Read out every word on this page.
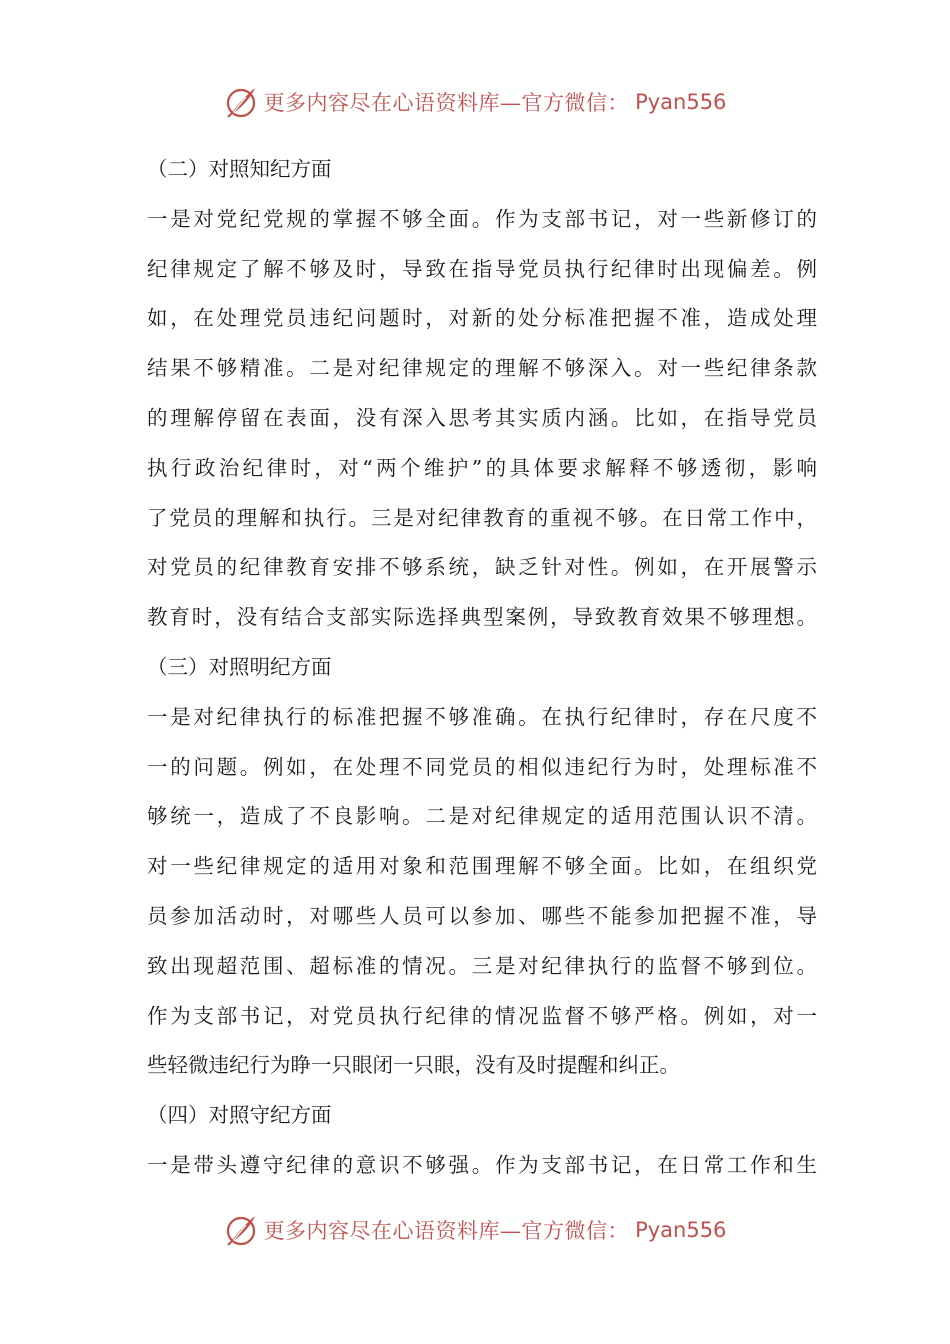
更多内容尽在心语资料库—官方微信： Pyan556
（二）对照知纪方面
一是对党纪党规的掌握不够全面。作为支部书记，对一些新修订的
纪律规定了解不够及时，导致在指导党员执行纪律时出现偏差。例
如，在处理党员违纪问题时，对新的处分标准把握不准，造成处理
结果不够精准。二是对纪律规定的理解不够深入。对一些纪律条款
的理解停留在表面，没有深入思考其实质内涵。比如，在指导党员
执行政治纪律时，对“两个维护”的具体要求解释不够透彻，影响
了党员的理解和执行。三是对纪律教育的重视不够。在日常工作中，
对党员的纪律教育安排不够系统，缺乏针对性。例如，在开展警示
教育时，没有结合支部实际选择典型案例，导致教育效果不够理想。
（三）对照明纪方面
一是对纪律执行的标准把握不够准确。在执行纪律时，存在尺度不
一的问题。例如，在处理不同党员的相似违纪行为时，处理标准不
够统一，造成了不良影响。二是对纪律规定的适用范围认识不清。
对一些纪律规定的适用对象和范围理解不够全面。比如，在组织党
员参加活动时，对哪些人员可以参加、哪些不能参加把握不准，导
致出现超范围、超标准的情况。三是对纪律执行的监督不够到位。
作为支部书记，对党员执行纪律的情况监督不够严格。例如，对一
些轻微违纪行为睁一只眼闭一只眼，没有及时提醒和纠正。
（四）对照守纪方面
一是带头遵守纪律的意识不够强。作为支部书记，在日常工作和生
更多内容尽在心语资料库—官方微信： Pyan556
